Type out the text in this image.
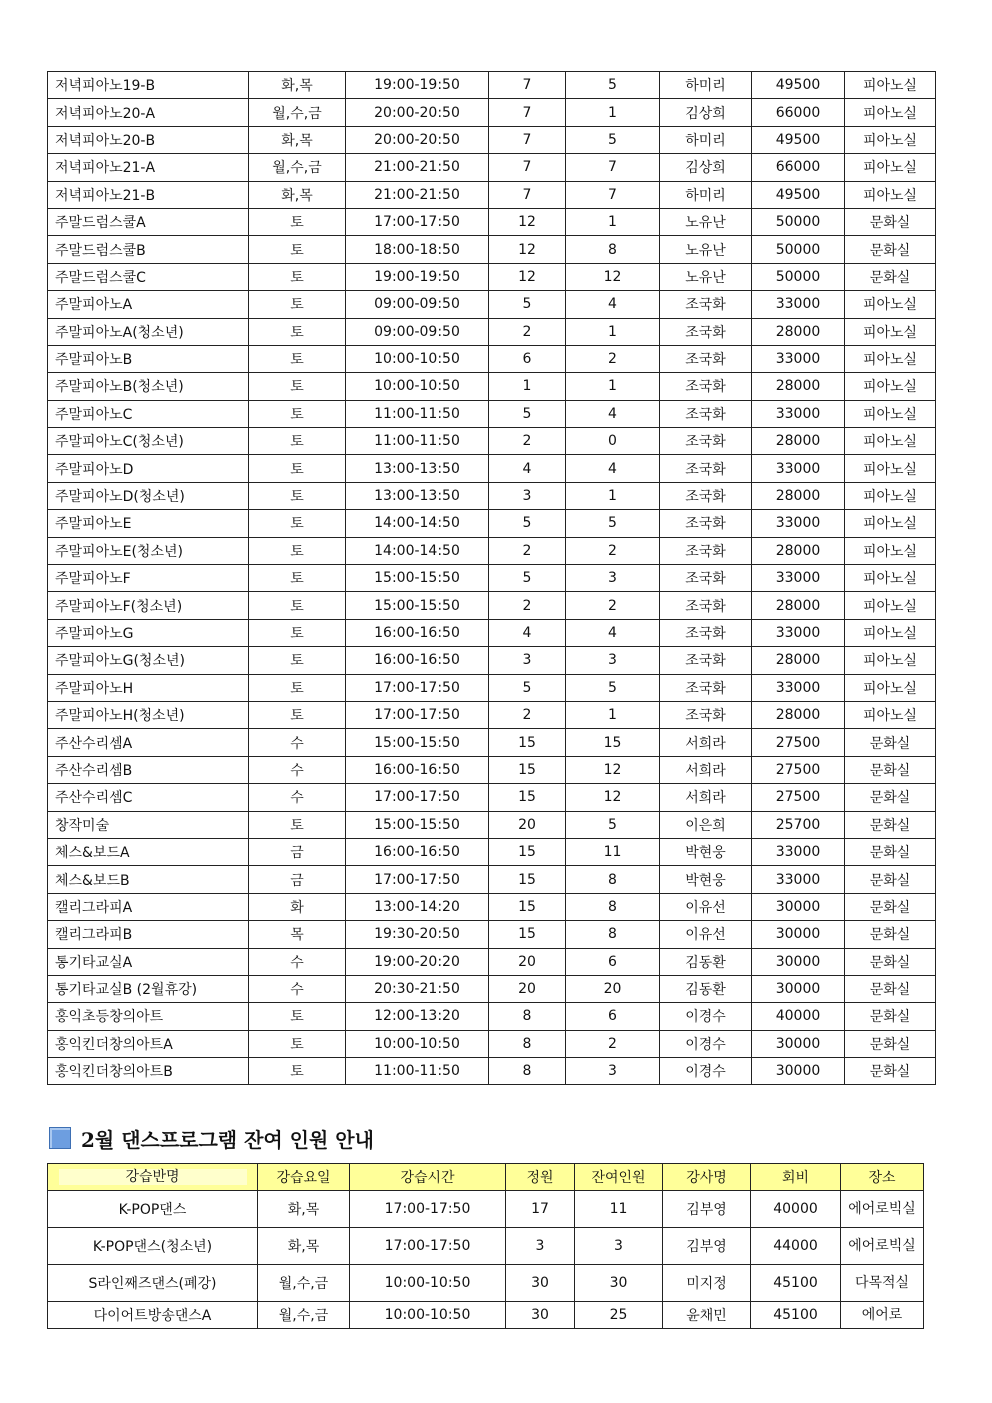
저녁피아노19-B	화,목	19:00-19:50	7	5	하미리	49500	피아노실
저녁피아노20-A	월,수,금	20:00-20:50	7	1	김상희	66000	피아노실
저녁피아노20-B	화,목	20:00-20:50	7	5	하미리	49500	피아노실
저녁피아노21-A	월,수,금	21:00-21:50	7	7	김상희	66000	피아노실
저녁피아노21-B	화,목	21:00-21:50	7	7	하미리	49500	피아노실
주말드럼스쿨A	토	17:00-17:50	12	1	노유난	50000	문화실
주말드럼스쿨B	토	18:00-18:50	12	8	노유난	50000	문화실
주말드럼스쿨C	토	19:00-19:50	12	12	노유난	50000	문화실
주말피아노A	토	09:00-09:50	5	4	조국화	33000	피아노실
주말피아노A(청소년)	토	09:00-09:50	2	1	조국화	28000	피아노실
주말피아노B	토	10:00-10:50	6	2	조국화	33000	피아노실
주말피아노B(청소년)	토	10:00-10:50	1	1	조국화	28000	피아노실
주말피아노C	토	11:00-11:50	5	4	조국화	33000	피아노실
주말피아노C(청소년)	토	11:00-11:50	2	0	조국화	28000	피아노실
주말피아노D	토	13:00-13:50	4	4	조국화	33000	피아노실
주말피아노D(청소년)	토	13:00-13:50	3	1	조국화	28000	피아노실
주말피아노E	토	14:00-14:50	5	5	조국화	33000	피아노실
주말피아노E(청소년)	토	14:00-14:50	2	2	조국화	28000	피아노실
주말피아노F	토	15:00-15:50	5	3	조국화	33000	피아노실
주말피아노F(청소년)	토	15:00-15:50	2	2	조국화	28000	피아노실
주말피아노G	토	16:00-16:50	4	4	조국화	33000	피아노실
주말피아노G(청소년)	토	16:00-16:50	3	3	조국화	28000	피아노실
주말피아노H	토	17:00-17:50	5	5	조국화	33000	피아노실
주말피아노H(청소년)	토	17:00-17:50	2	1	조국화	28000	피아노실
주산수리셈A	수	15:00-15:50	15	15	서희라	27500	문화실
주산수리셈B	수	16:00-16:50	15	12	서희라	27500	문화실
주산수리셈C	수	17:00-17:50	15	12	서희라	27500	문화실
창작미술	토	15:00-15:50	20	5	이은희	25700	문화실
체스&보드A	금	16:00-16:50	15	11	박현웅	33000	문화실
체스&보드B	금	17:00-17:50	15	8	박현웅	33000	문화실
캘리그라피A	화	13:00-14:20	15	8	이유선	30000	문화실
캘리그라피B	목	19:30-20:50	15	8	이유선	30000	문화실
통기타교실A	수	19:00-20:20	20	6	김동환	30000	문화실
통기타교실B (2월휴강)	수	20:30-21:50	20	20	김동환	30000	문화실
홍익초등창의아트	토	12:00-13:20	8	6	이경수	40000	문화실
홍익킨더창의아트A	토	10:00-10:50	8	2	이경수	30000	문화실
홍익킨더창의아트B	토	11:00-11:50	8	3	이경수	30000	문화실
2월 댄스프로그램 잔여 인원 안내
강습반명	강습요일	강습시간	정원	잔여인원	강사명	회비	장소
K-POP댄스	화,목	17:00-17:50	17	11	김부영	40000	에어로빅실
K-POP댄스(청소년)	화,목	17:00-17:50	3	3	김부영	44000	에어로빅실
S라인째즈댄스(폐강)	월,수,금	10:00-10:50	30	30	미지정	45100	다목적실
다이어트방송댄스A	월,수,금	10:00-10:50	30	25	윤채민	45100	에어로
